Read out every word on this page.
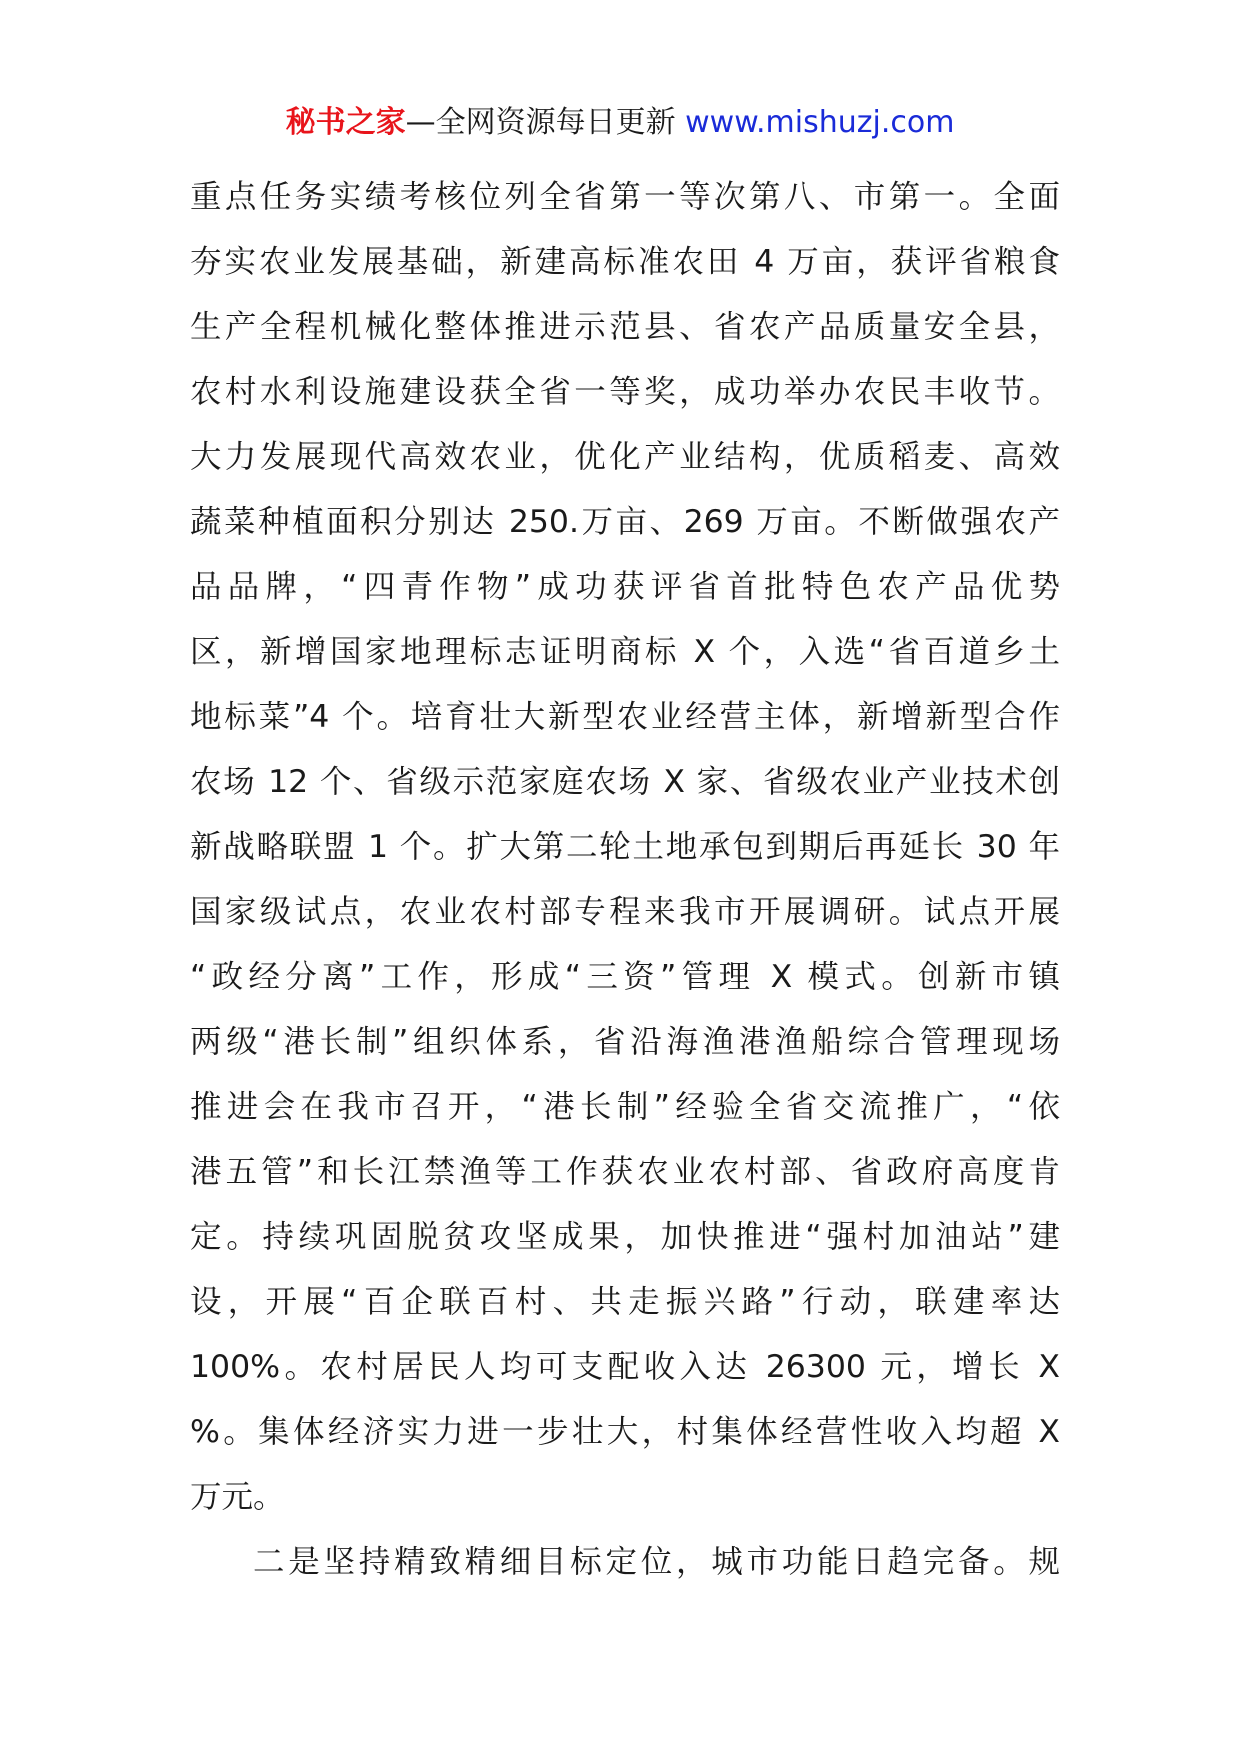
秘书之家—全网资源每日更新 www.mishuzj.com

重点任务实绩考核位列全省第一等次第八、市第一。全面
夯实农业发展基础，新建高标准农田 4 万亩，获评省粮食
生产全程机械化整体推进示范县、省农产品质量安全县，
农村水利设施建设获全省一等奖，成功举办农民丰收节。
大力发展现代高效农业，优化产业结构，优质稻麦、高效
蔬菜种植面积分别达 250.万亩、269 万亩。不断做强农产
品品牌，“四青作物”成功获评省首批特色农产品优势
区，新增国家地理标志证明商标 X 个，入选“省百道乡土
地标菜”4 个。培育壮大新型农业经营主体，新增新型合作
农场 12 个、省级示范家庭农场 X 家、省级农业产业技术创
新战略联盟 1 个。扩大第二轮土地承包到期后再延长 30 年
国家级试点，农业农村部专程来我市开展调研。试点开展
“政经分离”工作，形成“三资”管理 X 模式。创新市镇
两级“港长制”组织体系，省沿海渔港渔船综合管理现场
推进会在我市召开，“港长制”经验全省交流推广，“依
港五管”和长江禁渔等工作获农业农村部、省政府高度肯
定。持续巩固脱贫攻坚成果，加快推进“强村加油站”建
设，开展“百企联百村、共走振兴路”行动，联建率达
100%。农村居民人均可支配收入达 26300 元，增长 X
%。集体经济实力进一步壮大，村集体经营性收入均超 X
万元。

二是坚持精致精细目标定位，城市功能日趋完备。规
